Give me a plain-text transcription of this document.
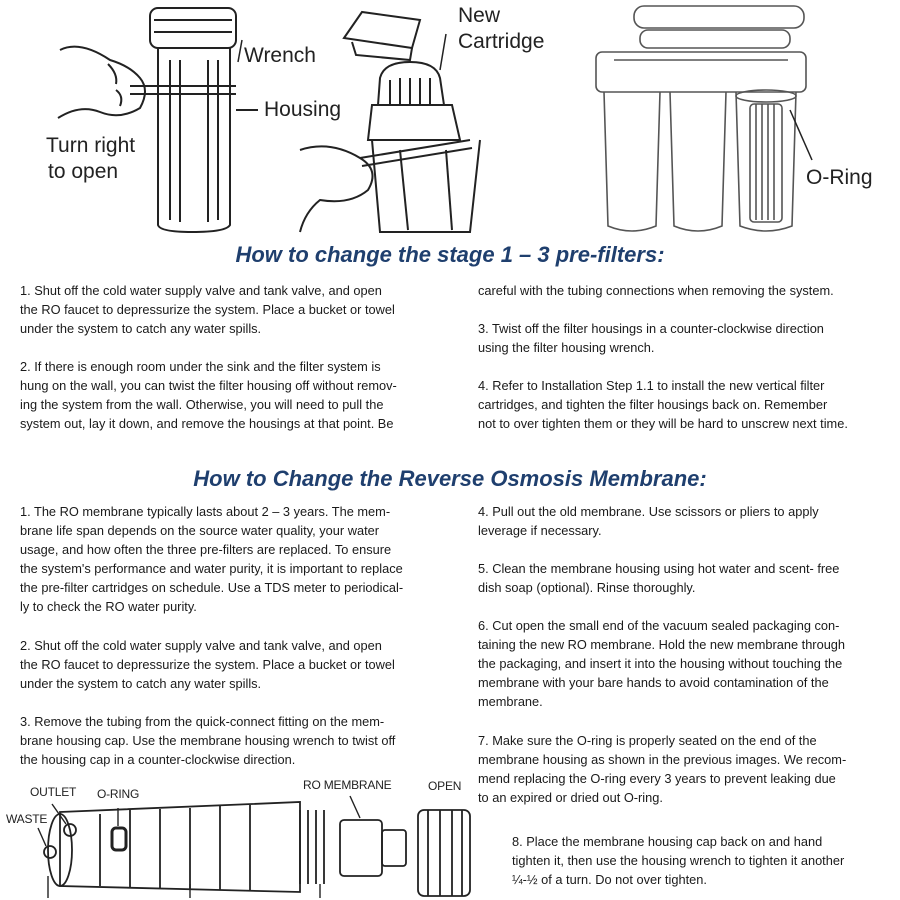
Wrench
Housing
Turn right
to open
New
Cartridge
O-Ring
How to change the stage 1 – 3 pre-filters:

1. Shut off the cold water supply valve and tank valve, and open
the RO faucet to depressurize the system. Place a bucket or towel
under the system to catch any water spills.

2. If there is enough room under the sink and the filter system is
hung on the wall, you can twist the filter housing off without remov-
ing the system from the wall. Otherwise, you will need to pull the
system out, lay it down, and remove the housings at that point. Be

careful with the tubing connections when removing the system.

3. Twist off the filter housings in a counter-clockwise direction
using the filter housing wrench.

4. Refer to Installation Step 1.1 to install the new vertical filter
cartridges, and tighten the filter housings back on. Remember
not to over tighten them or they will be hard to unscrew next time.

How to Change the Reverse Osmosis Membrane:

1. The RO membrane typically lasts about 2 – 3 years. The mem-
brane life span depends on the source water quality, your water
usage, and how often the three pre-filters are replaced. To ensure
the system's performance and water purity, it is important to replace
the pre-filter cartridges on schedule. Use a TDS meter to periodical-
ly to check the RO water purity.

2. Shut off the cold water supply valve and tank valve, and open
the RO faucet to depressurize the system. Place a bucket or towel
under the system to catch any water spills.

3. Remove the tubing from the quick-connect fitting on the mem-
brane housing cap. Use the membrane housing wrench to twist off
the housing cap in a counter-clockwise direction.

4. Pull out the old membrane. Use scissors or pliers to apply
leverage if necessary.

5. Clean the membrane housing using hot water and scent- free
dish soap (optional). Rinse thoroughly.

6. Cut open the small end of the vacuum sealed packaging con-
taining the new RO membrane. Hold the new membrane through
the packaging, and insert it into the housing without touching the
membrane with your bare hands to avoid contamination of the
membrane.

7. Make sure the O-ring is properly seated on the end of the
membrane housing as shown in the previous images. We recom-
mend replacing the O-ring every 3 years to prevent leaking due
to an expired or dried out O-ring.

8. Place the membrane housing cap back on and hand
tighten it, then use the housing wrench to tighten it another
¼-½ of a turn. Do not over tighten.

OUTLET O-RING
WASTE
RO MEMBRANE	OPEN
